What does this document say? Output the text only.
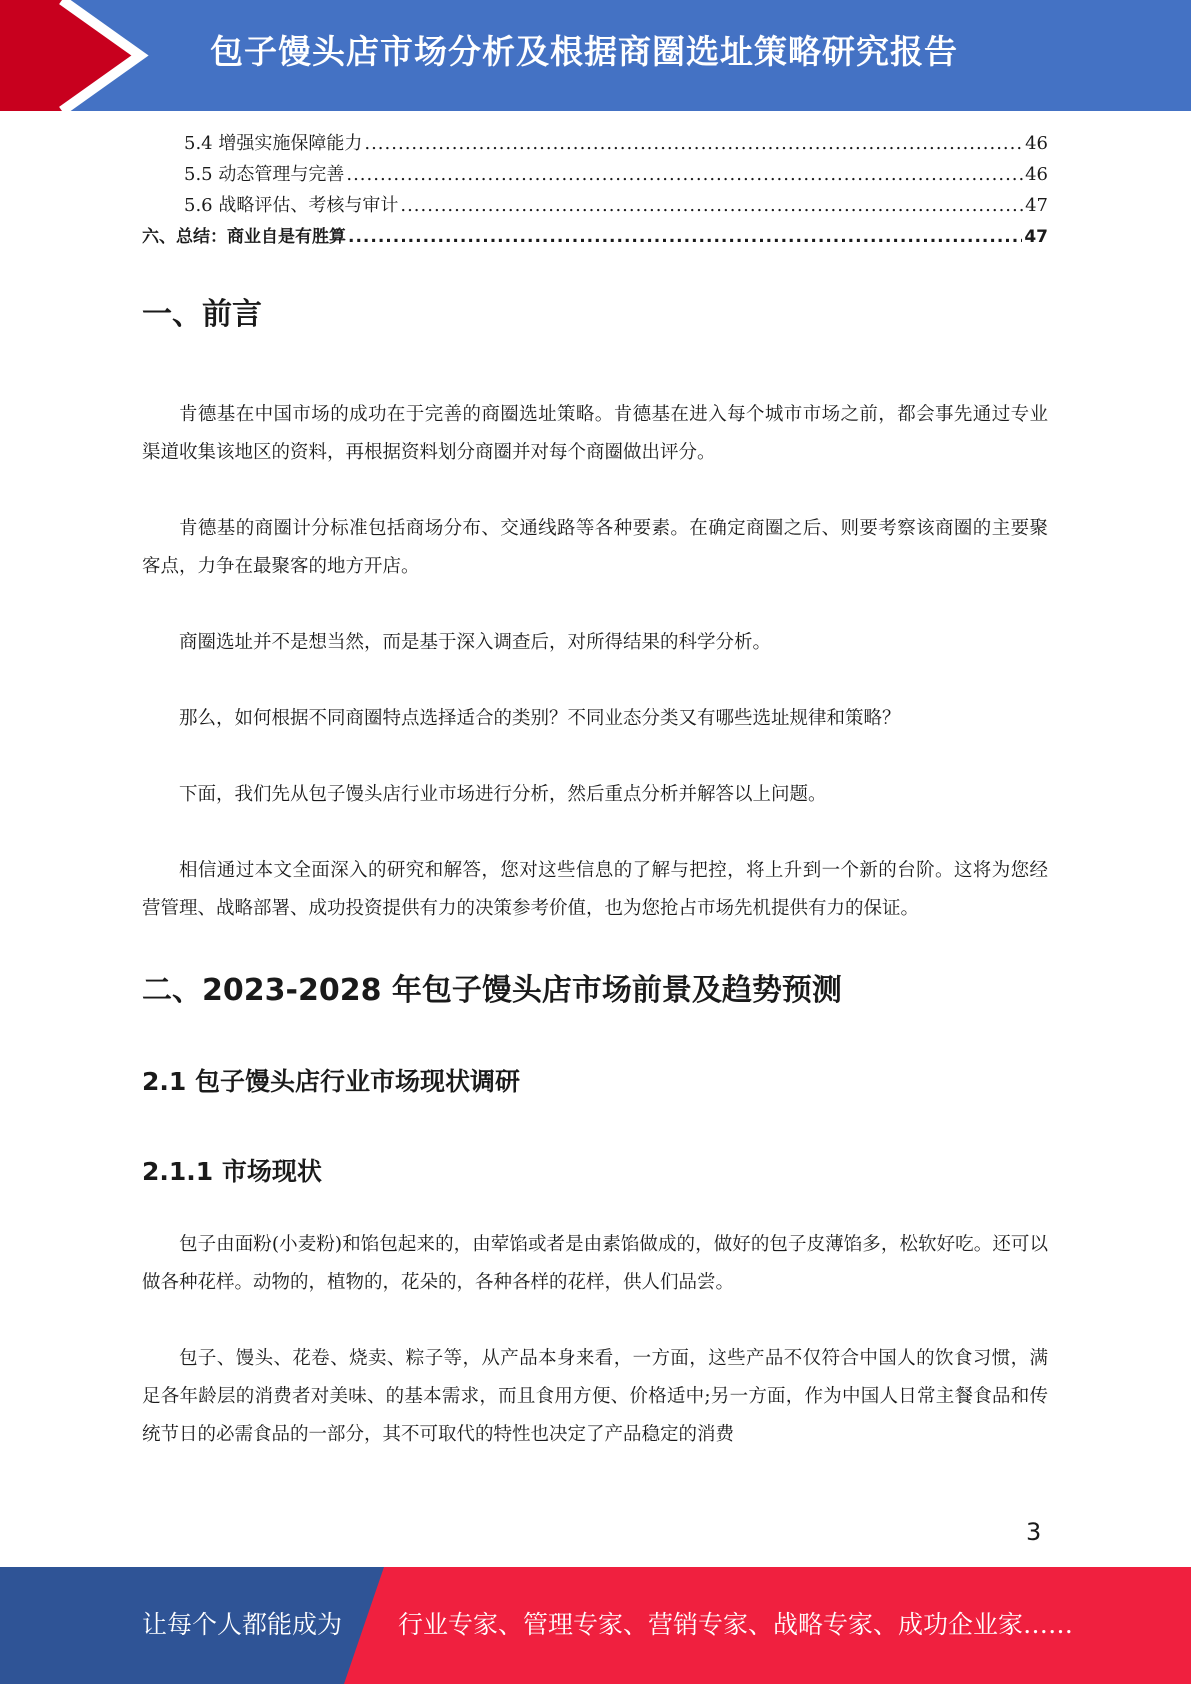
包子馒头店市场分析及根据商圈选址策略研究报告
5.4 增强实施保障能力 .....	46
5.5 动态管理与完善 .....	46
5.6 战略评估、考核与审计 .....	47
六、总结：商业自是有胜算 .....	47
一、前言

肯德基在中国市场的成功在于完善的商圈选址策略。肯德基在进入每个城市市场之前，都会事先通过专业渠道收集该地区的资料，再根据资料划分商圈并对每个商圈做出评分。

肯德基的商圈计分标准包括商场分布、交通线路等各种要素。在确定商圈之后、则要考察该商圈的主要聚客点，力争在最聚客的地方开店。

商圈选址并不是想当然，而是基于深入调查后，对所得结果的科学分析。

那么，如何根据不同商圈特点选择适合的类别？不同业态分类又有哪些选址规律和策略？

下面，我们先从包子馒头店行业市场进行分析，然后重点分析并解答以上问题。

相信通过本文全面深入的研究和解答，您对这些信息的了解与把控，将上升到一个新的台阶。这将为您经营管理、战略部署、成功投资提供有力的决策参考价值，也为您抢占市场先机提供有力的保证。

二、2023-2028 年包子馒头店市场前景及趋势预测
2.1 包子馒头店行业市场现状调研
2.1.1 市场现状

包子由面粉(小麦粉)和馅包起来的，由荤馅或者是由素馅做成的，做好的包子皮薄馅多，松软好吃。还可以做各种花样。动物的，植物的，花朵的，各种各样的花样，供人们品尝。

包子、馒头、花卷、烧卖、粽子等，从产品本身来看，一方面，这些产品不仅符合中国人的饮食习惯，满足各年龄层的消费者对美味、的基本需求，而且食用方便、价格适中;另一方面，作为中国人日常主餐食品和传统节日的必需食品的一部分，其不可取代的特性也决定了产品稳定的消费

3
让每个人都能成为 行业专家、管理专家、营销专家、战略专家、成功企业家……
